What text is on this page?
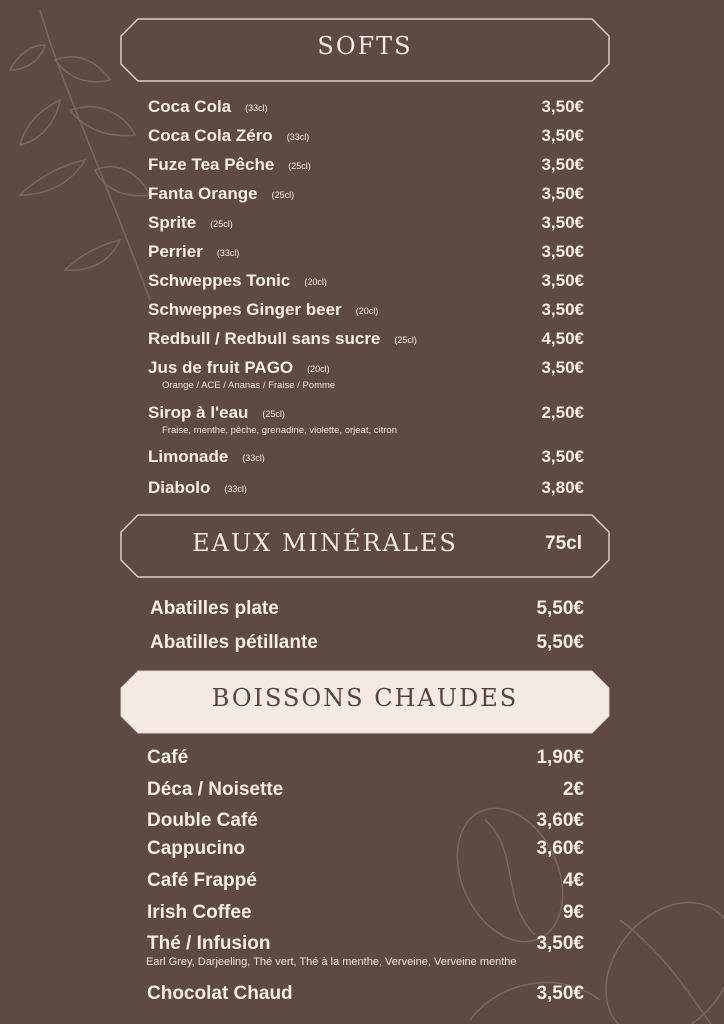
SOFTS
Coca Cola (33cl)	3,50€
Coca Cola Zéro (33cl)	3,50€
Fuze Tea Pêche (25cl)	3,50€
Fanta Orange (25cl)	3,50€
Sprite (25cl)	3,50€
Perrier (33cl)	3,50€
Schweppes Tonic (20cl)	3,50€
Schweppes Ginger beer (20cl)	3,50€
Redbull / Redbull sans sucre (25cl)	4,50€
Jus de fruit PAGO (20cl)	3,50€
Orange / ACE / Ananas / Fraise / Pomme
Sirop à l'eau (25cl)	2,50€
Fraise, menthe, pêche, grenadine, violette, orjeat, citron
Limonade (33cl)	3,50€
Diabolo (33cl)	3,80€
EAUX MINÉRALES	75cl
Abatilles plate	5,50€
Abatilles pétillante	5,50€
BOISSONS CHAUDES
Café	1,90€
Déca / Noisette	2€
Double Café	3,60€
Cappucino	3,60€
Café Frappé	4€
Irish Coffee	9€
Thé / Infusion	3,50€
Earl Grey, Darjeeling, Thé vert, Thé à la menthe, Verveine, Verveine menthe
Chocolat Chaud	3,50€
